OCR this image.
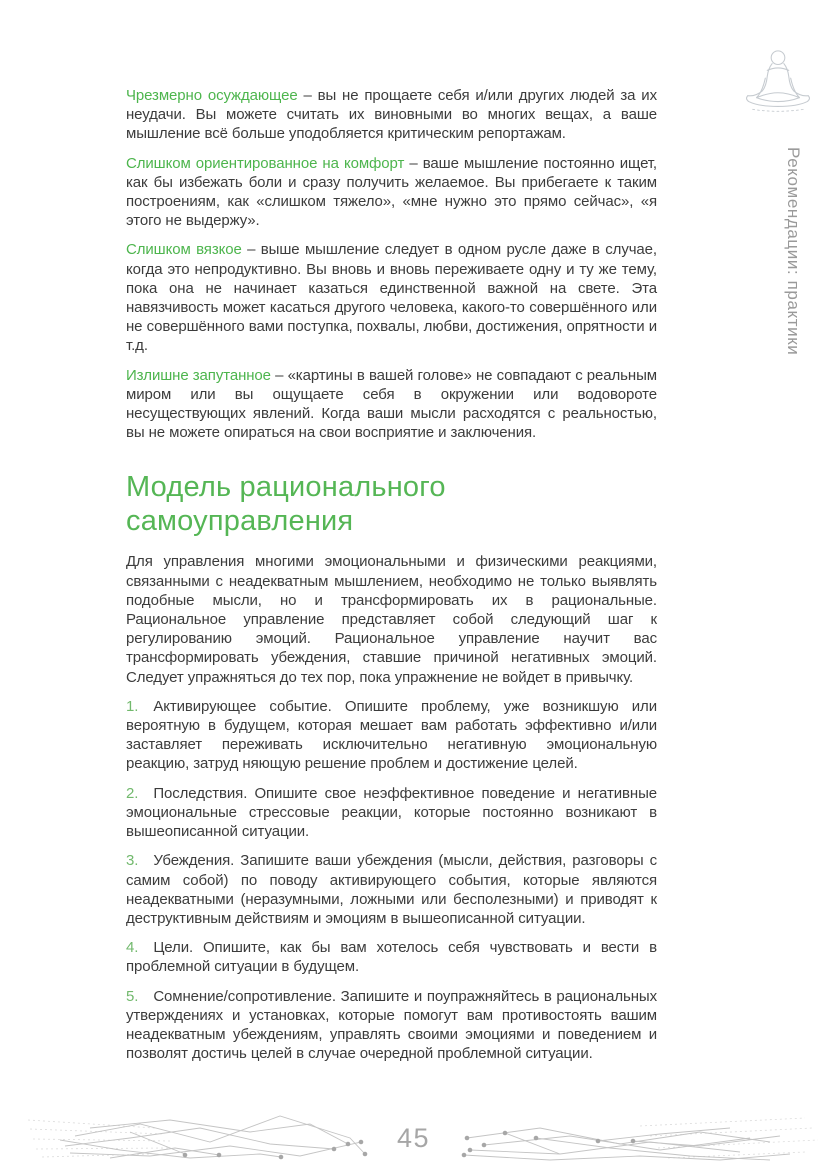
Рекомендации: практики

Чрезмерно осуждающее – вы не прощаете себя и/или других людей за их неудачи. Вы можете считать их виновными во многих вещах, а ваше мышление всё больше уподобляется критическим репортажам.

Слишком ориентированное на комфорт – ваше мышление постоянно ищет, как бы избежать боли и сразу получить желаемое. Вы прибегаете к таким построениям, как «слишком тяжело», «мне нужно это прямо сейчас», «я этого не выдержу».

Слишком вязкое – выше мышление следует в одном русле даже в случае, когда это непродуктивно. Вы вновь и вновь переживаете одну и ту же тему, пока она не начинает казаться единственной важной на свете. Эта навязчивость может касаться другого человека, какого-то совершённого или не совершённого вами поступка, похвалы, любви, достижения, опрятности и т.д.

Излишне запутанное – «картины в вашей голове» не совпадают с реальным миром или вы ощущаете себя в окружении или водовороте несуществующих явлений. Когда ваши мысли расходятся с реальностью, вы не можете опираться на свои восприятие и заключения.

Модель рационального самоуправления

Для управления многими эмоциональными и физическими реакциями, связанными с неадекватным мышлением, необходимо не только выявлять подобные мысли, но и трансформировать их в рациональные. Рациональное управление представляет собой следующий шаг к регулированию эмоций. Рациональное управление научит вас трансформировать убеждения, ставшие причиной негативных эмоций. Следует упражняться до тех пор, пока упражнение не войдет в привычку.

1. Активирующее событие. Опишите проблему, уже возникшую или вероятную в будущем, которая мешает вам работать эффективно и/или заставляет переживать исключительно негативную эмоциональную реакцию, затруд няющую решение проблем и достижение целей.

2. Последствия. Опишите свое неэффективное поведение и негативные эмоциональные стрессовые реакции, которые постоянно возникают в вышеописанной ситуации.

3. Убеждения. Запишите ваши убеждения (мысли, действия, разговоры с самим собой) по поводу активирующего события, которые являются неадекватными (неразумными, ложными или бесполезными) и приводят к деструктивным действиям и эмоциям в вышеописанной ситуации.

4. Цели. Опишите, как бы вам хотелось себя чувствовать и вести в проблемной ситуации в будущем.

5. Сомнение/сопротивление. Запишите и поупражняйтесь в рациональных утверждениях и установках, которые помогут вам противостоять вашим неадекватным убеждениям, управлять своими эмоциями и поведением и позволят достичь целей в случае очередной проблемной ситуации.

45
